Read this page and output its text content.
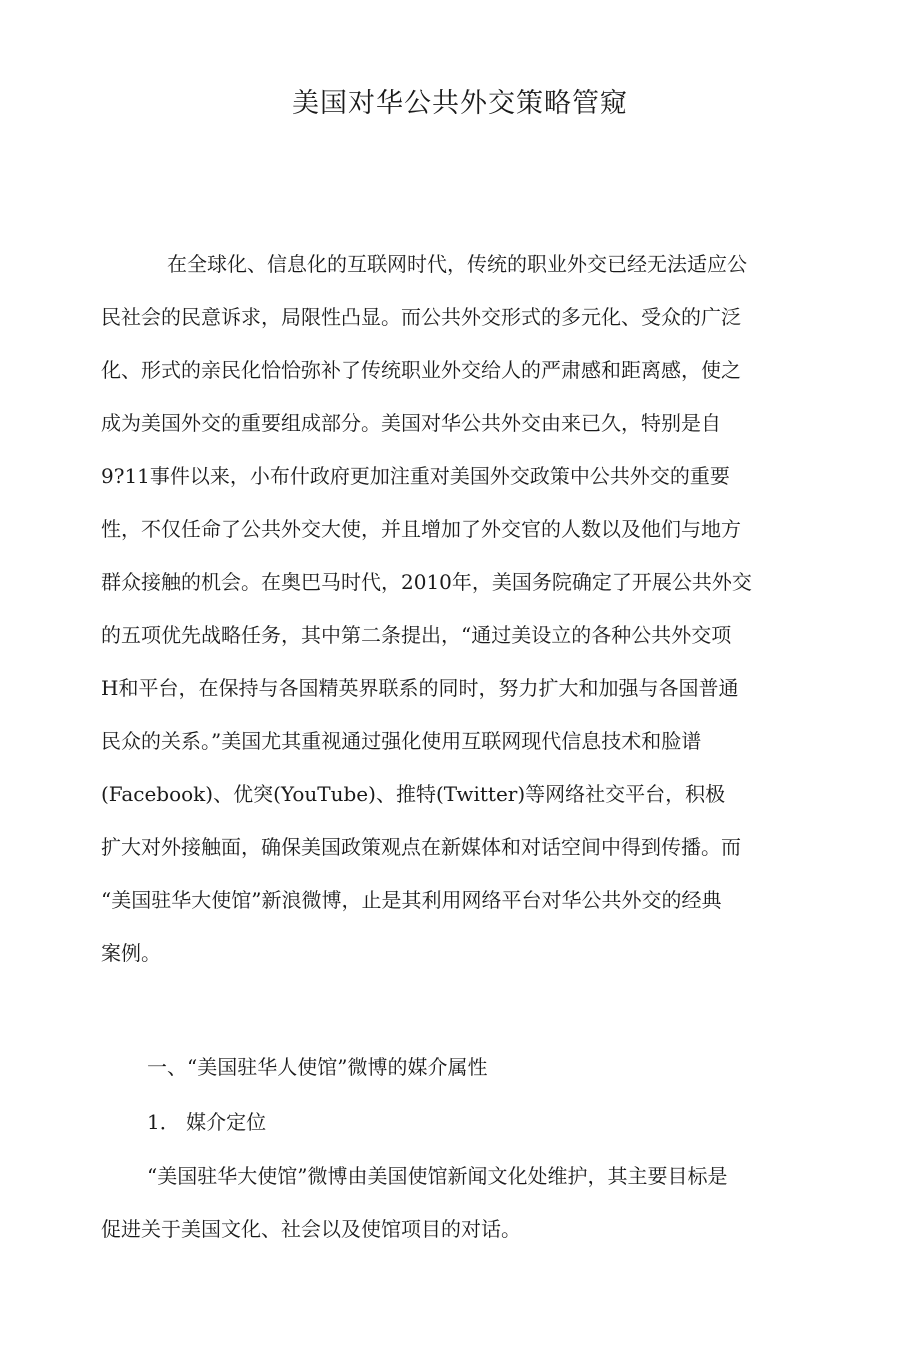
美国对华公共外交策略管窥
在全球化、信息化的互联网时代，传统的职业外交已经无法适应公
民社会的民意诉求，局限性凸显。而公共外交形式的多元化、受众的广泛
化、形式的亲民化恰恰弥补了传统职业外交给人的严肃感和距离感，使之
成为美国外交的重要组成部分。美国对华公共外交由来已久，特别是自
9?11事件以来，小布什政府更加注重对美国外交政策中公共外交的重要
性，不仅任命了公共外交大使，并且增加了外交官的人数以及他们与地方
群众接触的机会。在奥巴马时代，2010年，美国务院确定了开展公共外交
的五项优先战略任务，其中第二条提出，“通过美设立的各种公共外交项
H和平台，在保持与各国精英界联系的同时，努力扩大和加强与各国普通
民众的关系。”美国尤其重视通过强化使用互联网现代信息技术和脸谱
(Facebook)、优突(YouTube)、推特(Twitter)等网络社交平台，积极
扩大对外接触面，确保美国政策观点在新媒体和对话空间中得到传播。而
“美国驻华大使馆”新浪微博，止是其利用网络平台对华公共外交的经典
案例。
一、“美国驻华人使馆”微博的媒介属性
1． 媒介定位
“美国驻华大使馆”微博由美国使馆新闻文化处维护，其主要目标是
促进关于美国文化、社会以及使馆项目的对话。
